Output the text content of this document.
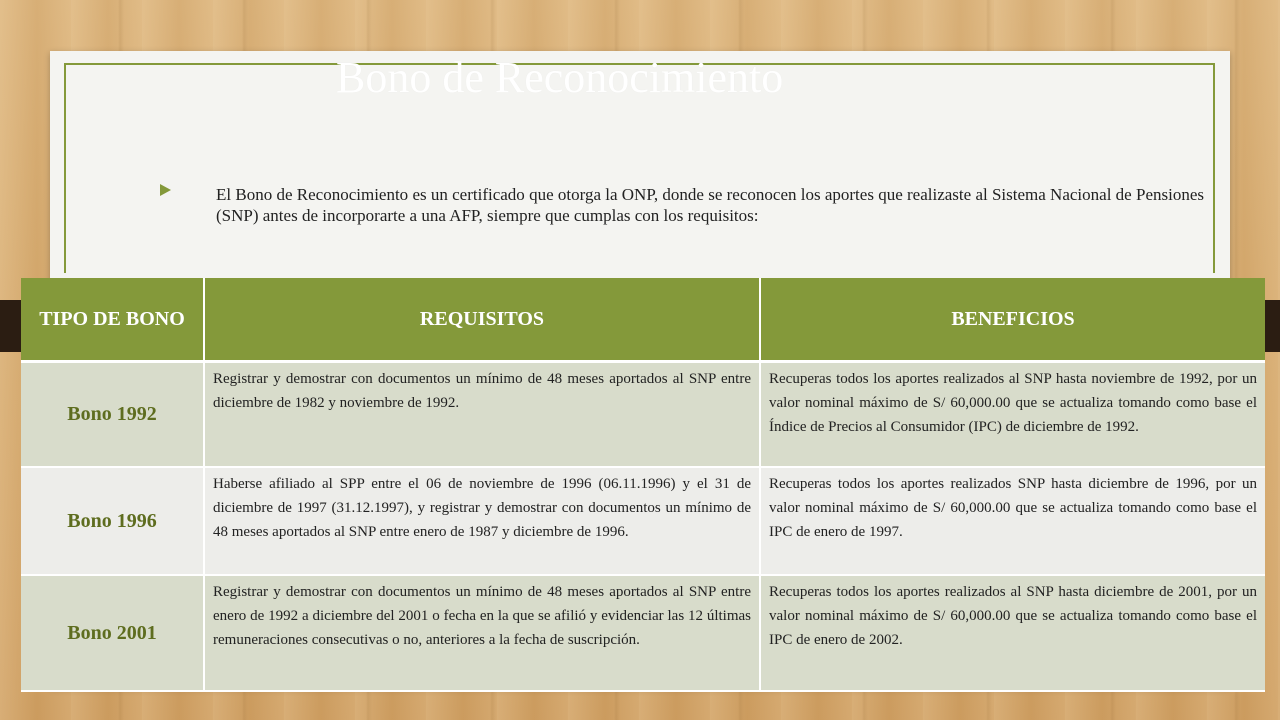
Bono de Reconocimiento
El Bono de Reconocimiento es un certificado que otorga la ONP, donde se reconocen los aportes que realizaste al Sistema Nacional de Pensiones (SNP) antes de incorporarte a una AFP, siempre que cumplas con los requisitos:
TIPO DE BONO	REQUISITOS	BENEFICIOS
Bono 1992	Registrar y demostrar con documentos un mínimo de 48 meses aportados al SNP entre diciembre de 1982 y noviembre de 1992.	Recuperas todos los aportes realizados al SNP hasta noviembre de 1992, por un valor nominal máximo de S/ 60,000.00 que se actualiza tomando como base el Índice de Precios al Consumidor (IPC) de diciembre de 1992.
Bono 1996	Haberse afiliado al SPP entre el 06 de noviembre de 1996 (06.11.1996) y el 31 de diciembre de 1997 (31.12.1997), y registrar y demostrar con documentos un mínimo de 48 meses aportados al SNP entre enero de 1987 y diciembre de 1996.	Recuperas todos los aportes realizados SNP hasta diciembre de 1996, por un valor nominal máximo de S/ 60,000.00 que se actualiza tomando como base el IPC de enero de 1997.
Bono 2001	Registrar y demostrar con documentos un mínimo de 48 meses aportados al SNP entre enero de 1992 a diciembre del 2001 o fecha en la que se afilió y evidenciar las 12 últimas remuneraciones consecutivas o no, anteriores a la fecha de suscripción.	Recuperas todos los aportes realizados al SNP hasta diciembre de 2001, por un valor nominal máximo de S/ 60,000.00 que se actualiza tomando como base el IPC de enero de 2002.
